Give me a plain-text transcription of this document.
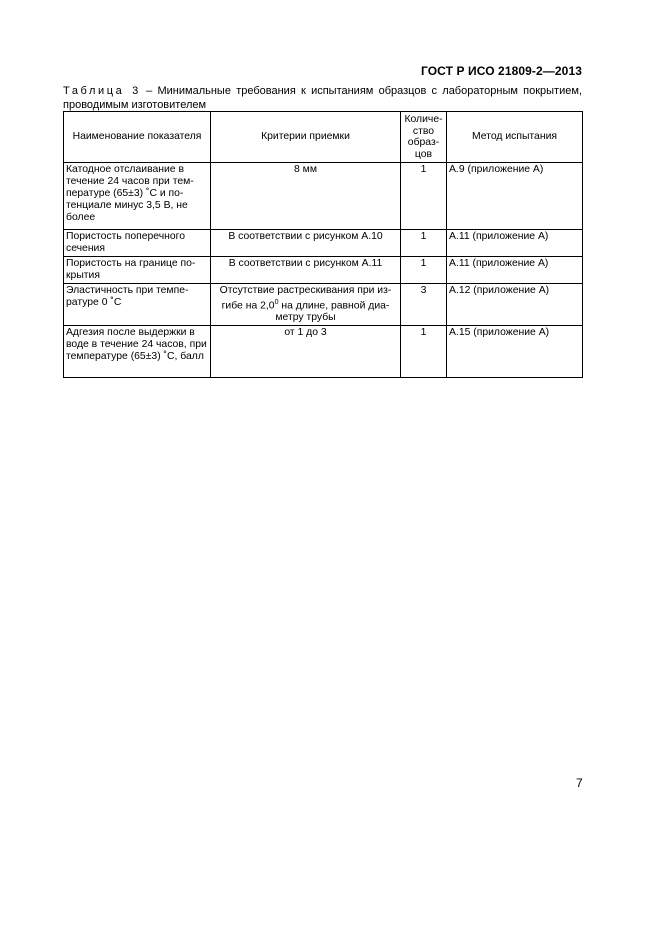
ГОСТ Р ИСО 21809-2—2013
Таблица 3 – Минимальные требования к испытаниям образцов с лабораторным покрытием,
проводимым изготовителем
Наименование показателя	Критерии приемки	Количе-
ство
образ-
цов	Метод испытания
Катодное отслаивание в течение 24 часов при тем-пературе (65±3) ˚С и по-тенциале минус 3,5 В, не более	8 мм	1	А.9 (приложение А)
Пористость поперечного сечения	В соответствии с рисунком А.10	1	А.11 (приложение А)
Пористость на границе по-крытия	В соответствии с рисунком А.11	1	А.11 (приложение А)
Эластичность при темпе-ратуре 0 ˚С	Отсутствие растрескивания при из-гибе на $2,0^0$ на длине, равной диа-метру трубы	3	А.12 (приложение А)
Адгезия после выдержки в воде в течение 24 часов, при температуре (65±3) ˚С, балл	от 1 до 3	1	А.15 (приложение А)
7
